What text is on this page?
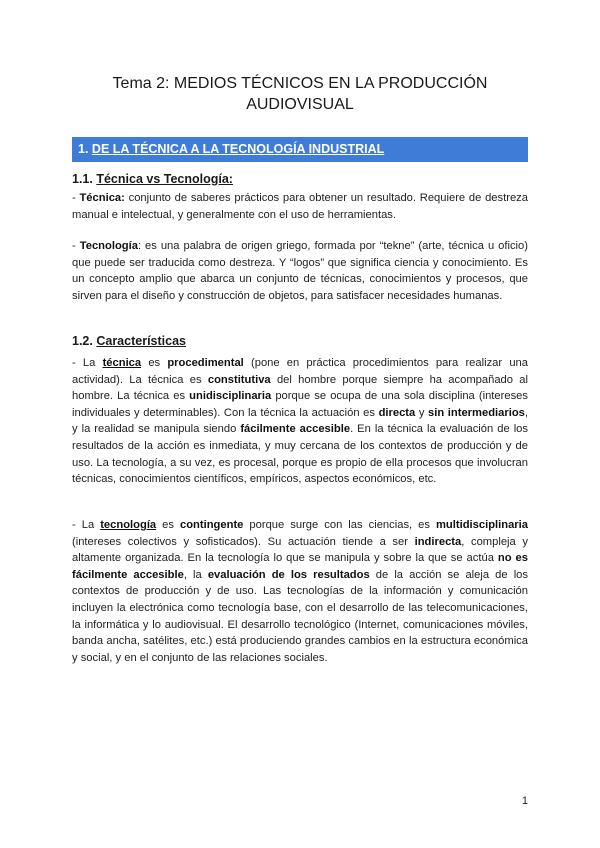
Tema 2: MEDIOS TÉCNICOS EN LA PRODUCCIÓN AUDIOVISUAL
1. DE LA TÉCNICA A LA TECNOLOGÍA INDUSTRIAL
1.1. Técnica vs Tecnología:

- Técnica: conjunto de saberes prácticos para obtener un resultado. Requiere de destreza manual e intelectual, y generalmente con el uso de herramientas.

- Tecnología: es una palabra de origen griego, formada por “tekne” (arte, técnica u oficio) que puede ser traducida como destreza. Y “logos” que significa ciencia y conocimiento. Es un concepto amplio que abarca un conjunto de técnicas, conocimientos y procesos, que sirven para el diseño y construcción de objetos, para satisfacer necesidades humanas.

1.2. Características

- La técnica es procedimental (pone en práctica procedimientos para realizar una actividad). La técnica es constitutiva del hombre porque siempre ha acompañado al hombre. La técnica es unidisciplinaria porque se ocupa de una sola disciplina (intereses individuales y determinables). Con la técnica la actuación es directa y sin intermediarios, y la realidad se manipula siendo fácilmente accesible. En la técnica la evaluación de los resultados de la acción es inmediata, y muy cercana de los contextos de producción y de uso. La tecnología, a su vez, es procesal, porque es propio de ella procesos que involucran técnicas, conocimientos científicos, empíricos, aspectos económicos, etc.

- La tecnología es contingente porque surge con las ciencias, es multidisciplinaria (intereses colectivos y sofisticados). Su actuación tiende a ser indirecta, compleja y altamente organizada. En la tecnología lo que se manipula y sobre la que se actúa no es fácilmente accesible, la evaluación de los resultados de la acción se aleja de los contextos de producción y de uso. Las tecnologías de la información y comunicación incluyen la electrónica como tecnología base, con el desarrollo de las telecomunicaciones, la informática y lo audiovisual. El desarrollo tecnológico (Internet, comunicaciones móviles, banda ancha, satélites, etc.) está produciendo grandes cambios en la estructura económica y social, y en el conjunto de las relaciones sociales.

1
